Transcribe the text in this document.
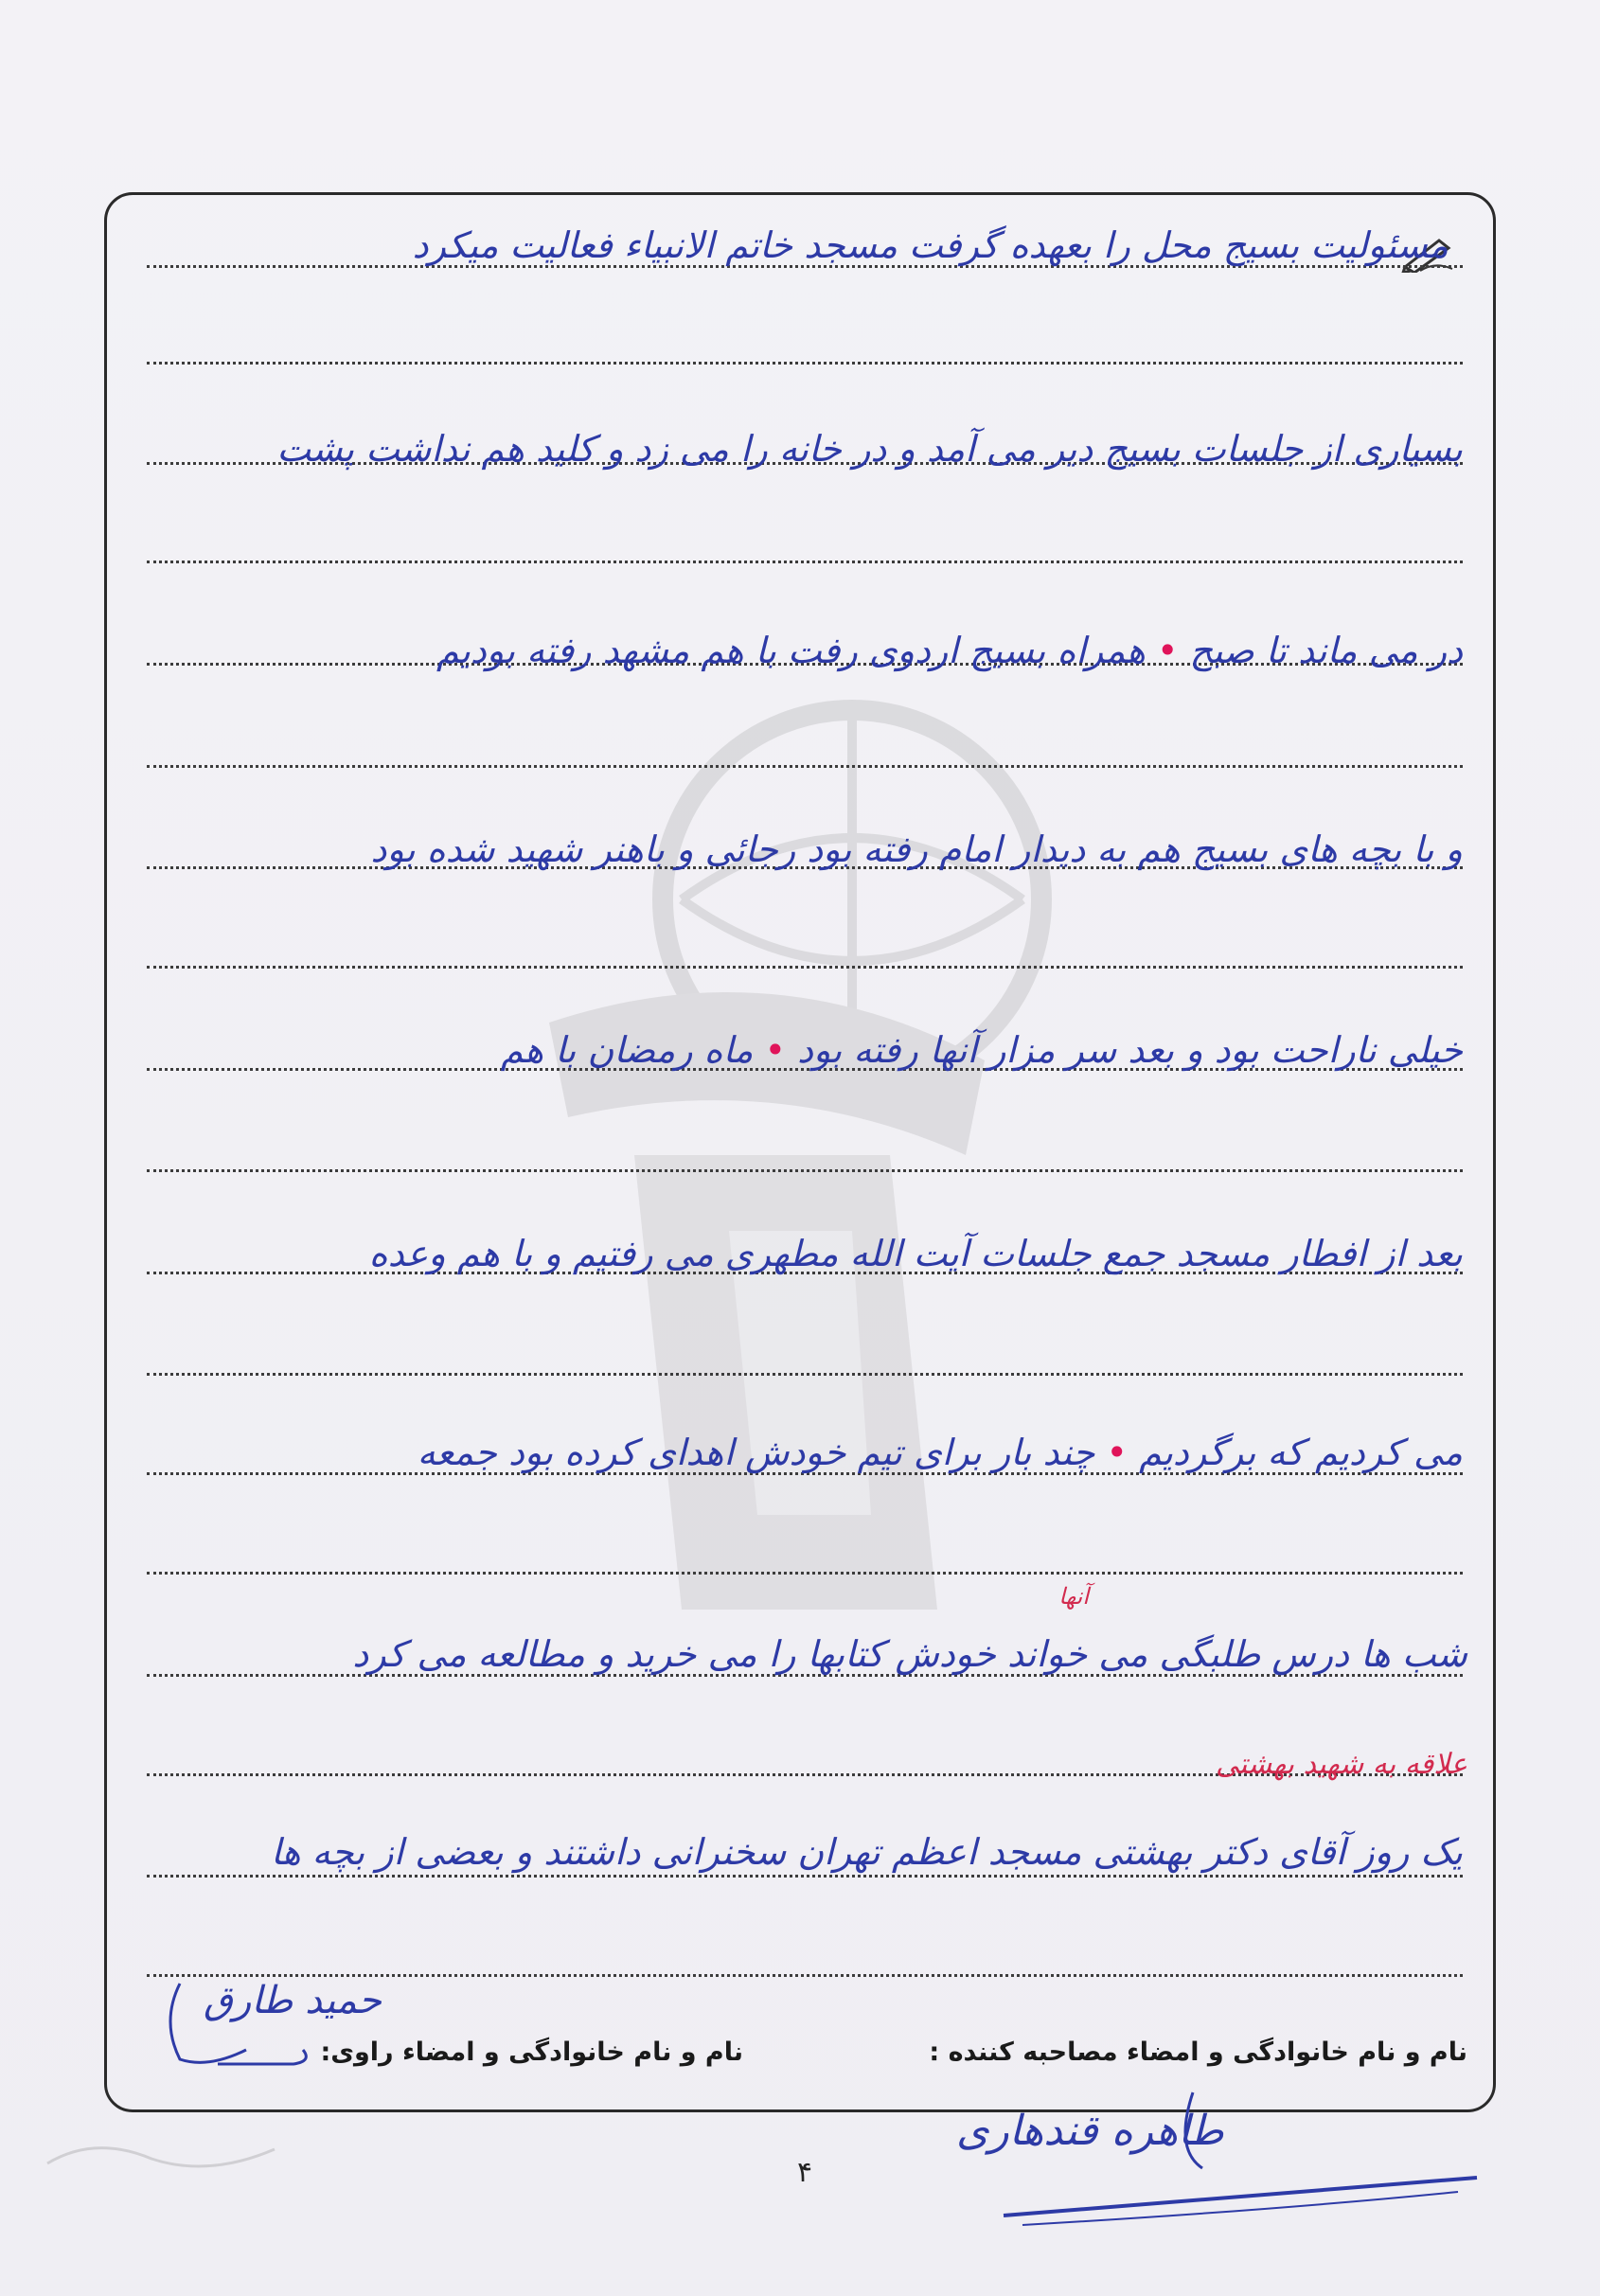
مسئولیت بسیج محل را بعهده گرفت مسجد خاتم الانبیاء فعالیت میکرد
بسیاری از جلسات بسیج دیر می آمد و در خانه را می زد و کلید هم نداشت پشت
در می ماند تا صبح • همراه بسیج اردوی رفت با هم مشهد رفته بودیم
و با بچه های بسیج هم به دیدار امام رفته بود رجائی و باهنر شهید شده بود
خیلی ناراحت بود و بعد سر مزار آنها رفته بود • ماه رمضان با هم
بعد از افطار مسجد جمع جلسات آیت الله مطهری می رفتیم و با هم وعده
می کردیم که برگردیم • چند بار برای تیم خودش اهدای کرده بود جمعه
شب ها درس طلبگی می خواند خودش کتابها را می خرید و مطالعه می کرد
یک روز آقای دکتر بهشتی مسجد اعظم تهران سخنرانی داشتند و بعضی از بچه ها
آنها
علاقه به شهید بهشتی
نام و نام خانوادگی و امضاء مصاحبه کننده :
نام و نام خانوادگی و امضاء راوی:
حمید طارق
۴
طاهره قندهاری
